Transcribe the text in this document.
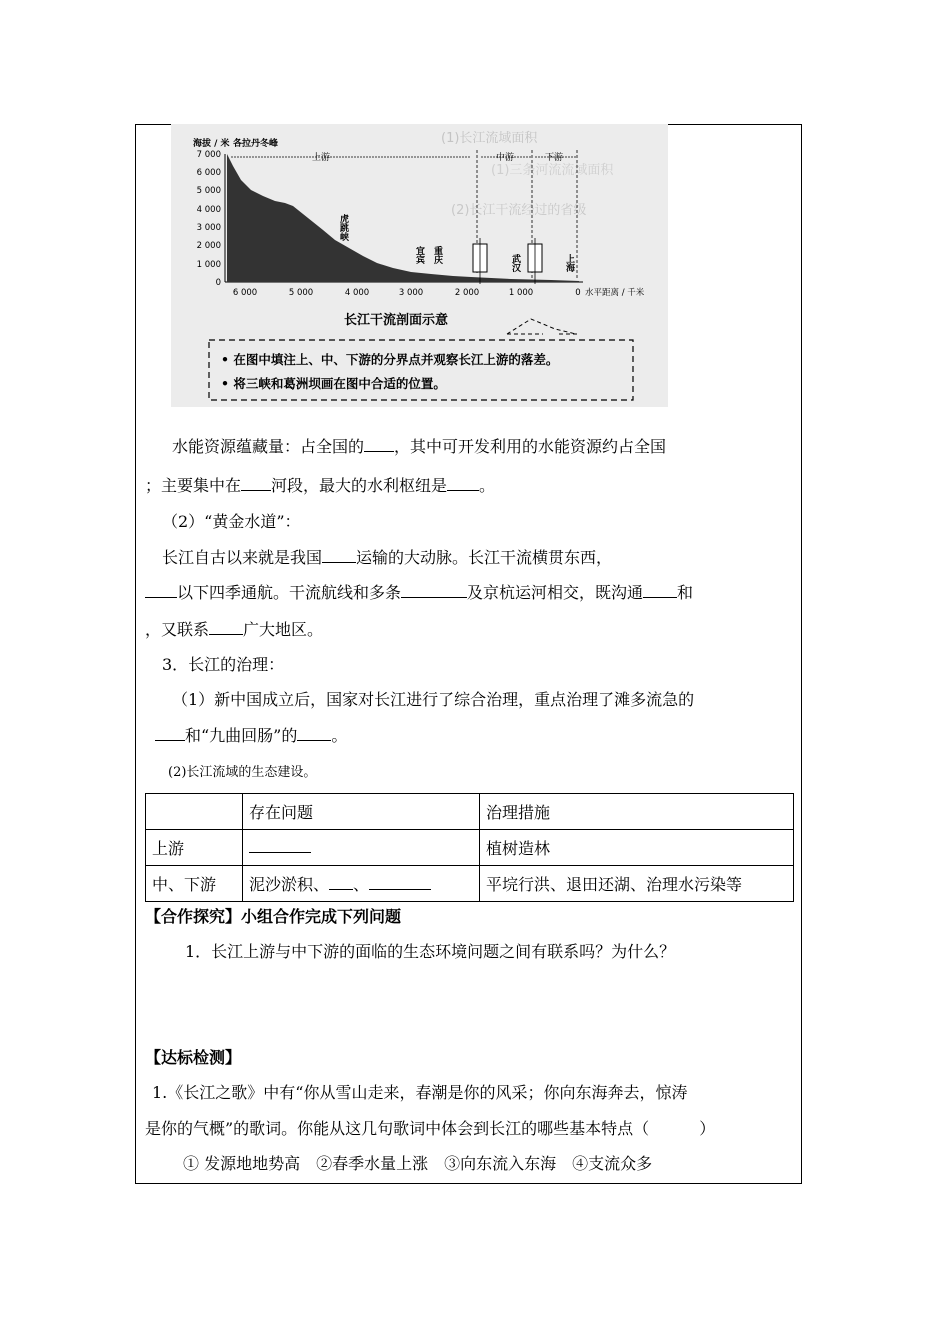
(1)长江流域面积
(2)长江干流经过的省级
(1)三条河流流域面积
7 000
6 000
5 000
4 000
3 000
2 000
1 000
0
海拔 / 米 各拉丹冬峰
6 000	5 000	4 000	3 000	2 000	1 000	0 水平距离 / 千米
上游	中游	下游
虎跳峡
宜宾 重庆	武汉	上海
长江干流剖面示意
• 在图中填注上、中、下游的分界点并观察长江上游的落差。
• 将三峡和葛洲坝画在图中合适的位置。
水能资源蕴藏量：占全国的 ，其中可开发利用的水能资源约占全国
；主要集中在 河段，最大的水利枢纽是 。
（2）“黄金水道”：
长江自古以来就是我国 运输的大动脉。长江干流横贯东西，
以下四季通航。干流航线和多条	及京杭运河相交，既沟通 和
，又联系 广大地区。
3．长江的治理：
（1）新中国成立后，国家对长江进行了综合治理，重点治理了滩多流急的
和“九曲回肠”的 。
(2)长江流域的生态建设。
	存在问题	治理措施
上游		植树造林
中、下游	泥沙淤积、 、	平垸行洪、退田还湖、治理水污染等
【合作探究】小组合作完成下列问题
1．长江上游与中下游的面临的生态环境问题之间有联系吗？为什么？
【达标检测】
1.《长江之歌》中有“你从雪山走来，春潮是你的风采；你向东海奔去，惊涛
是你的气概”的歌词。你能从这几句歌词中体会到长江的哪些基本特点（	）
① 发源地地势高　②春季水量上涨　③向东流入东海　④支流众多
